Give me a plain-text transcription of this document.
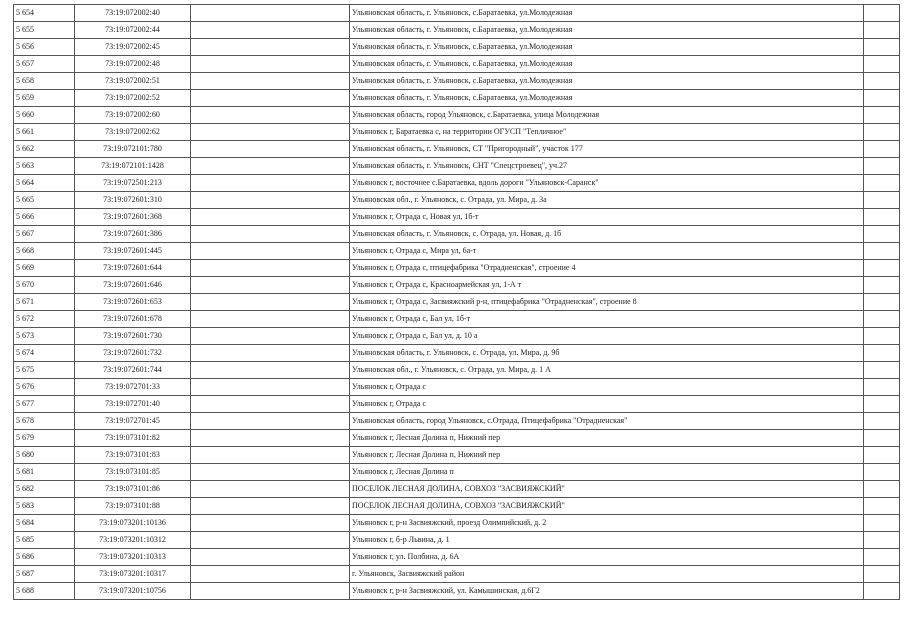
5 654	73:19:072002:40		Ульяновская область, г. Ульяновск, с.Баратаевка, ул.Молодежная	
5 655	73:19:072002:44		Ульяновская область, г. Ульяновск, с.Баратаевка, ул.Молодежная	
5 656	73:19:072002:45		Ульяновская область, г. Ульяновск, с.Баратаевка, ул.Молодежная	
5 657	73:19:072002:48		Ульяновская область, г. Ульяновск, с.Баратаевка, ул.Молодежная	
5 658	73:19:072002:51		Ульяновская область, г. Ульяновск, с.Баратаевка, ул.Молодежная	
5 659	73:19:072002:52		Ульяновская область, г. Ульяновск, с.Баратаевка, ул.Молодежная	
5 660	73:19:072002:60		Ульяновская область, город Ульяновск, с.Баратаевка, улица Молодежная	
5 661	73:19:072002:62		Ульяновск г, Баратаевка с, на территории ОГУСП "Тепличное"	
5 662	73:19:072101:780		Ульяновская область, г. Ульяновск, СТ "Пригородный", участок 177	
5 663	73:19:072101:1428		Ульяновская область, г. Ульяновск, СНТ "Спецстроевец", уч.27	
5 664	73:19:072501:213		Ульяновск г, восточнее с.Баратаевка, вдоль дороги "Ульяновск-Саранск"	
5 665	73:19:072601:310		Ульяновская обл., г. Ульяновск, с. Отрада, ул. Мира, д. 3а	
5 666	73:19:072601:368		Ульяновск г, Отрада с, Новая ул, 1б-т	
5 667	73:19:072601:386		Ульяновская область, г. Ульяновск, с. Отрада, ул. Новая, д. 1б	
5 668	73:19:072601:445		Ульяновск г, Отрада с, Мира ул, 6а-т	
5 669	73:19:072601:644		Ульяновск г, Отрада с, птицефабрика "Отрадненская", строение 4	
5 670	73:19:072601:646		Ульяновск г, Отрада с, Красноармейская ул, 1-А т	
5 671	73:19:072601:653		Ульяновск г, Отрада с, Засвияжский р-н, птицефабрика "Отрадненская", строение 8	
5 672	73:19:072601:678		Ульяновск г, Отрада с, Бал ул, 1б-т	
5 673	73:19:072601:730		Ульяновск г, Отрада с, Бал ул, д. 10 а	
5 674	73:19:072601:732		Ульяновская область, г. Ульяновск, с. Отрада, ул. Мира, д. 9б	
5 675	73:19:072601:744		Ульяновская обл., г. Ульяновск, с. Отрада, ул. Мира, д. 1 А	
5 676	73:19:072701:33		Ульяновск г, Отрада с	
5 677	73:19:072701:40		Ульяновск г, Отрада с	
5 678	73:19:072701:45		Ульяновская область, город Ульяновск, с.Отрада, Птицефабрика "Отрадненская"	
5 679	73:19:073101:82		Ульяновск г, Лесная Долина п, Нижний пер	
5 680	73:19:073101:83		Ульяновск г, Лесная Долина п, Нижний пер	
5 681	73:19:073101:85		Ульяновск г, Лесная Долина п	
5 682	73:19:073101:86		ПОСЕЛОК ЛЕСНАЯ ДОЛИНА, СОВХОЗ "ЗАСВИЯЖСКИЙ"	
5 683	73:19:073101:88		ПОСЕЛОК ЛЕСНАЯ ДОЛИНА, СОВХОЗ "ЗАСВИЯЖСКИЙ"	
5 684	73:19:073201:10136		Ульяновск г, р-н Засвияжский, проезд Олимпийский, д. 2	
5 685	73:19:073201:10312		Ульяновск г, б-р Львина, д. 1	
5 686	73:19:073201:10313		Ульяновск г, ул. Полбина, д. 6А	
5 687	73:19:073201:10317		г. Ульяновск, Засвияжский район	
5 688	73:19:073201:10756		Ульяновск г, р-н Засвияжский, ул. Камышинская, д.6Г2	
